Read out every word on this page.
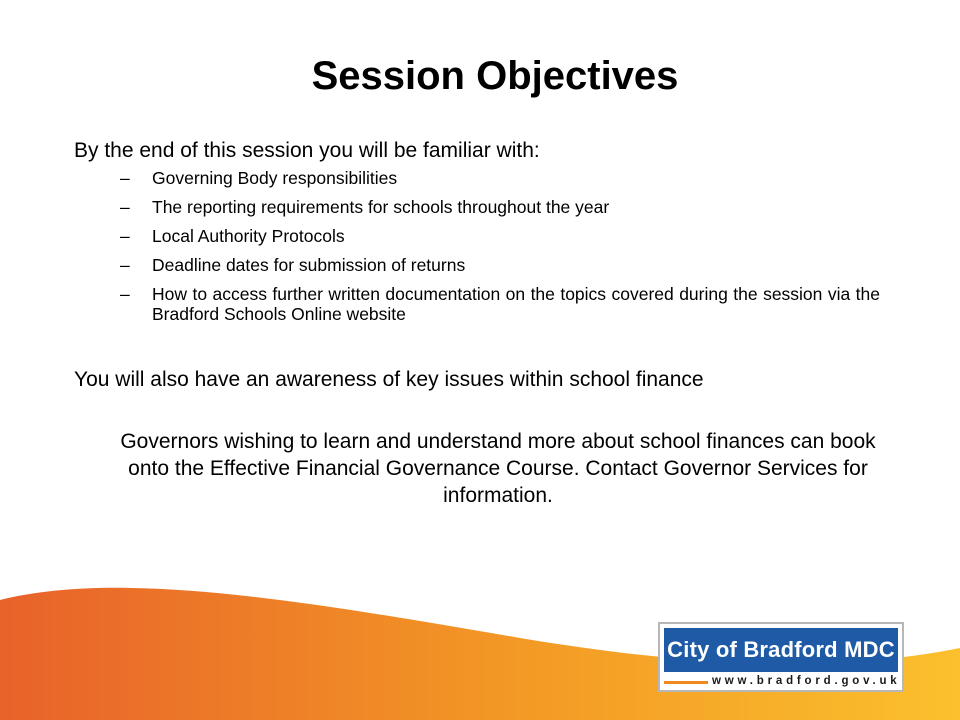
Session Objectives

By the end of this session you will be familiar with:

– Governing Body responsibilities
– The reporting requirements for schools throughout the year
– Local Authority Protocols
– Deadline dates for submission of returns
– How to access further written documentation on the topics covered during the session via the Bradford Schools Online website

You will also have an awareness of key issues within school finance

Governors wishing to learn and understand more about school finances can book onto the Effective Financial Governance Course. Contact Governor Services for information.

City of Bradford MDC
www.bradford.gov.uk
